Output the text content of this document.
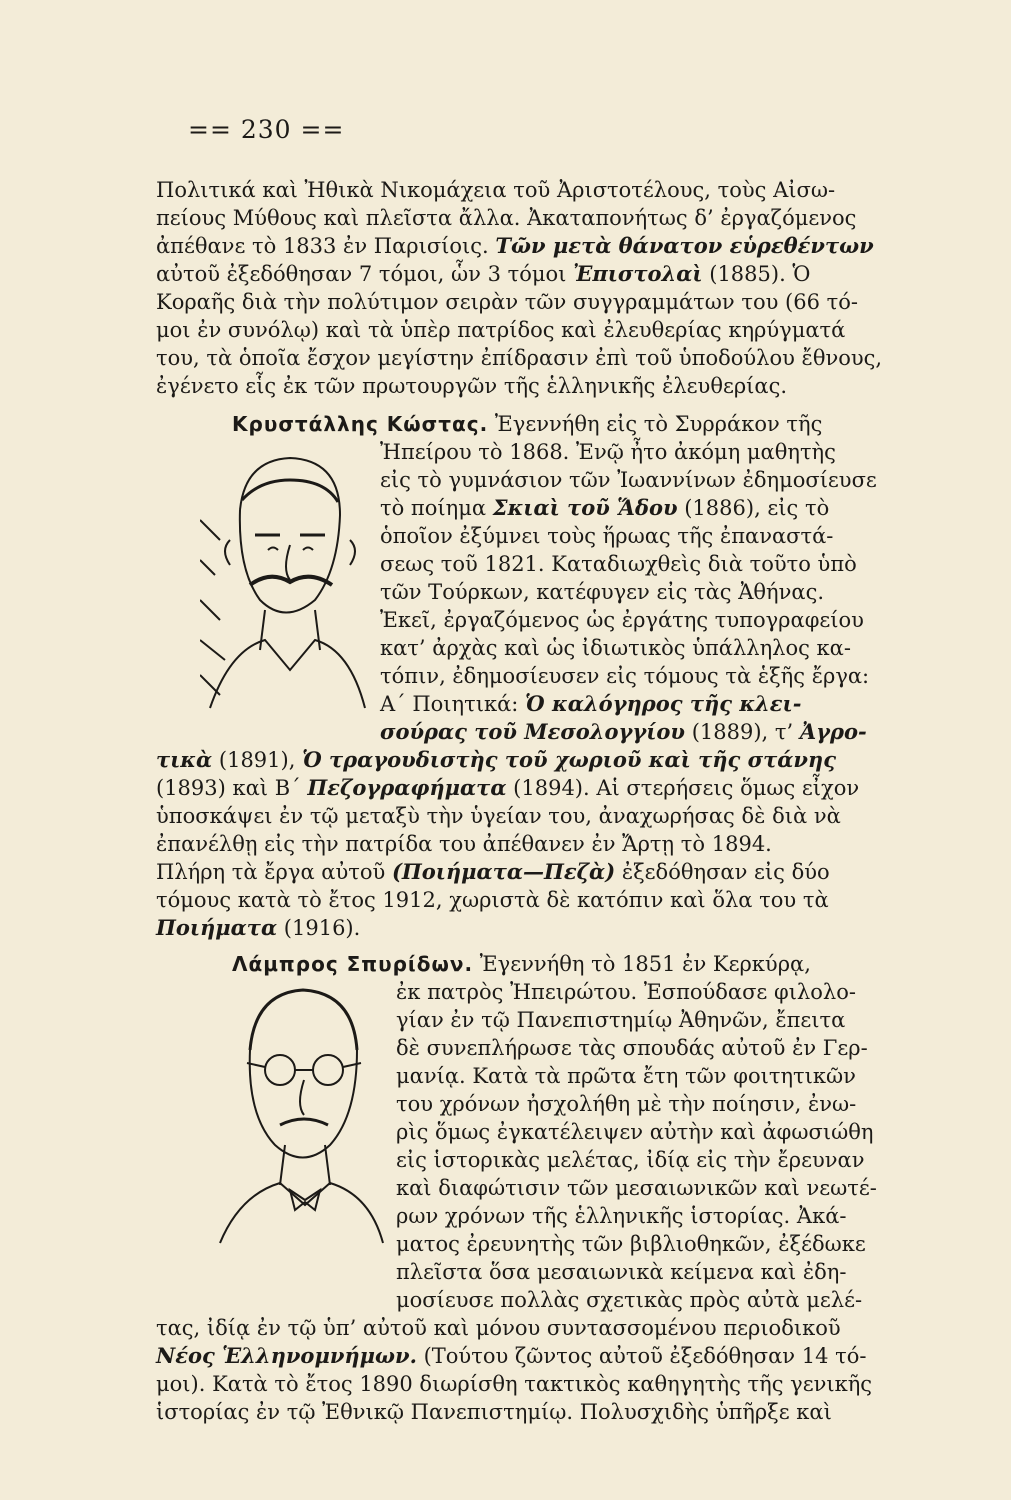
== 230 ==
Πολιτικά καὶ Ἠθικὰ Νικομάχεια τοῦ Ἀριστοτέλους, τοὺς Αἰσω-
πείους Μύθους καὶ πλεῖστα ἄλλα. Ἀκαταπονήτως δ’ ἐργαζόμενος
ἀπέθανε τὸ 1833 ἐν Παρισίοις. Τῶν μετὰ θάνατον εὑρεθέντων
αὐτοῦ ἐξεδόθησαν 7 τόμοι, ὧν 3 τόμοι Ἐπιστολαὶ (1885). Ὁ
Κοραῆς διὰ τὴν πολύτιμον σειρὰν τῶν συγγραμμάτων του (66 τό-
μοι ἐν συνόλῳ) καὶ τὰ ὑπὲρ πατρίδος καὶ ἐλευθερίας κηρύγματά
του, τὰ ὁποῖα ἔσχον μεγίστην ἐπίδρασιν ἐπὶ τοῦ ὑποδούλου ἔθνους,
ἐγένετο εἷς ἐκ τῶν πρωτουργῶν τῆς ἑλληνικῆς ἐλευθερίας.
Κρυστάλλης Κώστας. Ἐγεννήθη εἰς τὸ Συρράκον τῆς
Ἠπείρου τὸ 1868. Ἐνῷ ἦτο ἀκόμη μαθητὴς
εἰς τὸ γυμνάσιον τῶν Ἰωαννίνων ἐδημοσίευσε
τὸ ποίημα Σκιαὶ τοῦ Ἅδου (1886), εἰς τὸ
ὁποῖον ἐξύμνει τοὺς ἥρωας τῆς ἐπαναστά-
σεως τοῦ 1821. Καταδιωχθεὶς διὰ τοῦτο ὑπὸ
τῶν Τούρκων, κατέφυγεν εἰς τὰς Ἀθήνας.
Ἐκεῖ, ἐργαζόμενος ὡς ἐργάτης τυπογραφείου
κατ’ ἀρχὰς καὶ ὡς ἰδιωτικὸς ὑπάλληλος κα-
τόπιν, ἐδημοσίευσεν εἰς τόμους τὰ ἑξῆς ἔργα:
Α´ Ποιητικά: Ὁ καλόγηρος τῆς κλει-
σούρας τοῦ Μεσολογγίου (1889), τ’ Ἀγρο-
τικὰ (1891), Ὁ τραγουδιστὴς τοῦ χωριοῦ καὶ τῆς στάνης
(1893) καὶ Β´ Πεζογραφήματα (1894). Αἱ στερήσεις ὅμως εἶχον
ὑποσκάψει ἐν τῷ μεταξὺ τὴν ὑγείαν του, ἀναχωρήσας δὲ διὰ νὰ
ἐπανέλθῃ εἰς τὴν πατρίδα του ἀπέθανεν ἐν Ἄρτῃ τὸ 1894.
Πλήρη τὰ ἔργα αὐτοῦ (Ποιήματα—Πεζὰ) ἐξεδόθησαν εἰς δύο
τόμους κατὰ τὸ ἔτος 1912, χωριστὰ δὲ κατόπιν καὶ ὅλα του τὰ
Ποιήματα (1916).
Λάμπρος Σπυρίδων. Ἐγεννήθη τὸ 1851 ἐν Κερκύρᾳ,
ἐκ πατρὸς Ἠπειρώτου. Ἐσπούδασε φιλολο-
γίαν ἐν τῷ Πανεπιστημίῳ Ἀθηνῶν, ἔπειτα
δὲ συνεπλήρωσε τὰς σπουδάς αὐτοῦ ἐν Γερ-
μανίᾳ. Κατὰ τὰ πρῶτα ἔτη τῶν φοιτητικῶν
του χρόνων ἠσχολήθη μὲ τὴν ποίησιν, ἐνω-
ρὶς ὅμως ἐγκατέλειψεν αὐτὴν καὶ ἀφωσιώθη
εἰς ἱστορικὰς μελέτας, ἰδίᾳ εἰς τὴν ἔρευναν
καὶ διαφώτισιν τῶν μεσαιωνικῶν καὶ νεωτέ-
ρων χρόνων τῆς ἑλληνικῆς ἱστορίας. Ἀκά-
ματος ἐρευνητὴς τῶν βιβλιοθηκῶν, ἐξέδωκε
πλεῖστα ὅσα μεσαιωνικὰ κείμενα καὶ ἐδη-
μοσίευσε πολλὰς σχετικὰς πρὸς αὐτὰ μελέ-
τας, ἰδίᾳ ἐν τῷ ὑπ’ αὐτοῦ καὶ μόνου συντασσομένου περιοδικοῦ
Νέος Ἑλληνομνήμων. (Τούτου ζῶντος αὐτοῦ ἐξεδόθησαν 14 τό-
μοι). Κατὰ τὸ ἔτος 1890 διωρίσθη τακτικὸς καθηγητὴς τῆς γενικῆς
ἱστορίας ἐν τῷ Ἐθνικῷ Πανεπιστημίῳ. Πολυσχιδὴς ὑπῆρξε καὶ
